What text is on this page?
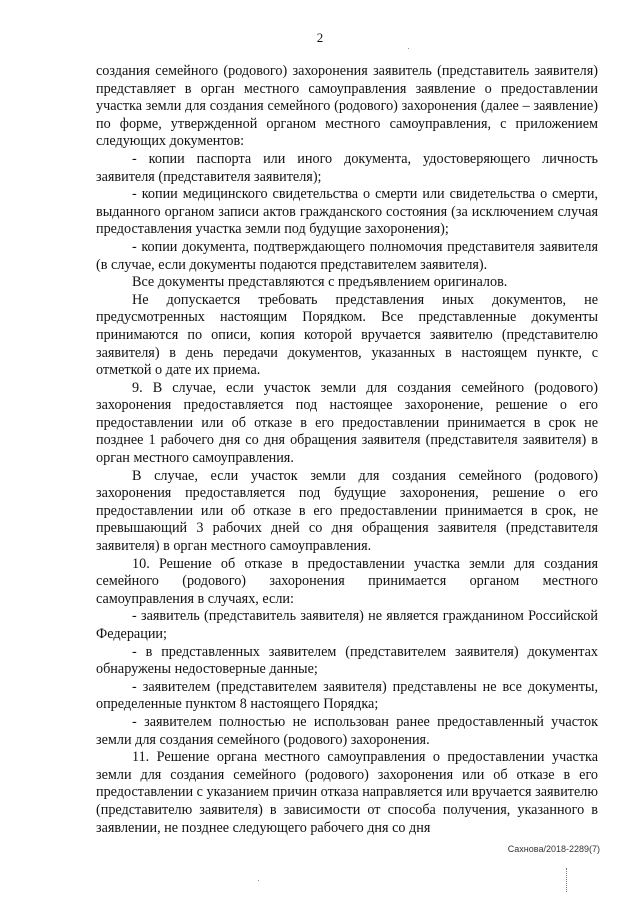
2

создания семейного (родового) захоронения заявитель (представитель заявителя) представляет в орган местного самоуправления заявление о предоставлении участка земли для создания семейного (родового) захоронения (далее – заявление) по форме, утвержденной органом местного самоуправления, с приложением следующих документов:

- копии паспорта или иного документа, удостоверяющего личность заявителя (представителя заявителя);

- копии медицинского свидетельства о смерти или свидетельства о смерти, выданного органом записи актов гражданского состояния (за исключением случая предоставления участка земли под будущие захоронения);

- копии документа, подтверждающего полномочия представителя заявителя (в случае, если документы подаются представителем заявителя).

Все документы представляются с предъявлением оригиналов.

Не допускается требовать представления иных документов, не предусмотренных настоящим Порядком. Все представленные документы принимаются по описи, копия которой вручается заявителю (представителю заявителя) в день передачи документов, указанных в настоящем пункте, с отметкой о дате их приема.

9. В случае, если участок земли для создания семейного (родового) захоронения предоставляется под настоящее захоронение, решение о его предоставлении или об отказе в его предоставлении принимается в срок не позднее 1 рабочего дня со дня обращения заявителя (представителя заявителя) в орган местного самоуправления.

В случае, если участок земли для создания семейного (родового) захоронения предоставляется под будущие захоронения, решение о его предоставлении или об отказе в его предоставлении принимается в срок, не превышающий 3 рабочих дней со дня обращения заявителя (представителя заявителя) в орган местного самоуправления.

10. Решение об отказе в предоставлении участка земли для создания семейного (родового) захоронения принимается органом местного самоуправления в случаях, если:

- заявитель (представитель заявителя) не является гражданином Российской Федерации;

- в представленных заявителем (представителем заявителя) документах обнаружены недостоверные данные;

- заявителем (представителем заявителя) представлены не все документы, определенные пунктом 8 настоящего Порядка;

- заявителем полностью не использован ранее предоставленный участок земли для создания семейного (родового) захоронения.

11. Решение органа местного самоуправления о предоставлении участка земли для создания семейного (родового) захоронения или об отказе в его предоставлении с указанием причин отказа направляется или вручается заявителю (представителю заявителя) в зависимости от способа получения, указанного в заявлении, не позднее следующего рабочего дня со дня

Сахнова/2018-2289(7)
